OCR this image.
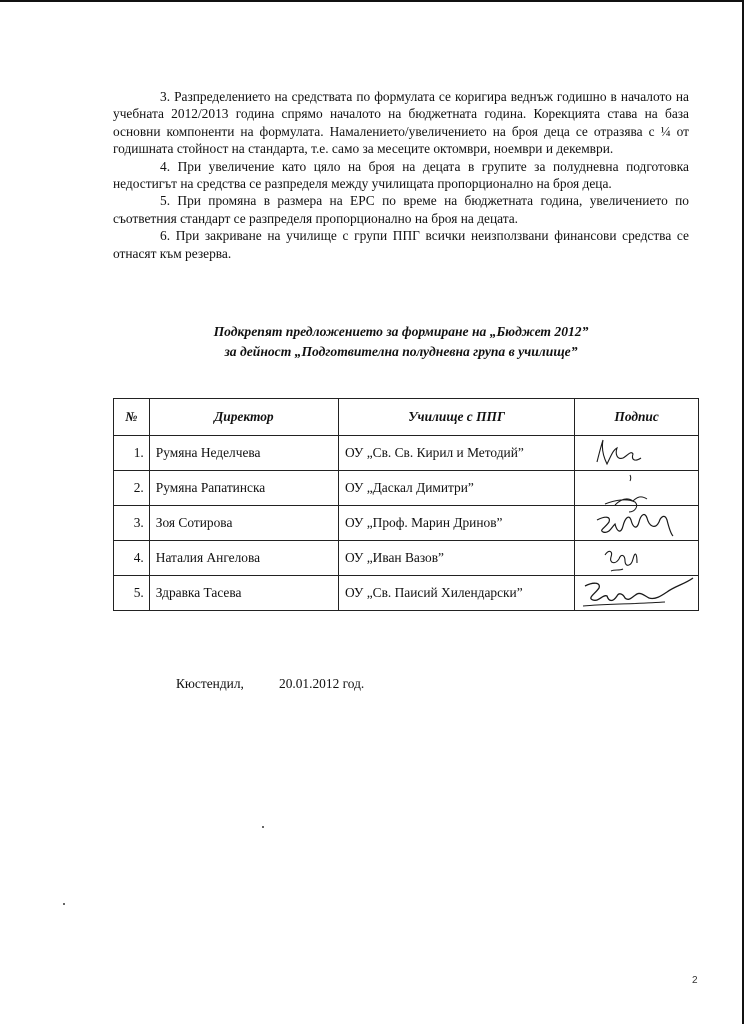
3. Разпределението на средствата по формулата се коригира веднъж годишно в началото на учебната 2012/2013 година спрямо началото на бюджетната година. Корекцията става на база основни компоненти на формулата. Намалението/увеличението на броя деца се отразява с ¼ от годишната стойност на стандарта, т.е. само за месеците октомври, ноември и декември.

4. При увеличение като цяло на броя на децата в групите за полудневна подготовка недостигът на средства се разпределя между училищата пропорционално на броя деца.

5. При промяна в размера на ЕРС по време на бюджетната година, увеличението по съответния стандарт се разпределя пропорционално на броя на децата.

6. При закриване на училище с групи ППГ всички неизползвани финансови средства се отнасят към резерва.

Подкрепят предложението за формиране на „Бюджет 2012”
за дейност „Подготвителна полудневна група в училище”
№	Директор	Училище с ППГ	Подпис
1.	Румяна Неделчева	ОУ „Св. Св. Кирил и Методий”	

2.	Румяна Рапатинска	ОУ „Даскал Димитри”	

3.	Зоя Сотирова	ОУ „Проф. Марин Дринов”	

4.	Наталия Ангелова	ОУ „Иван Вазов”	

5.	Здравка Тасева	ОУ „Св. Паисий Хилендарски”	
Кюстендил,	20.01.2012 год.
2
